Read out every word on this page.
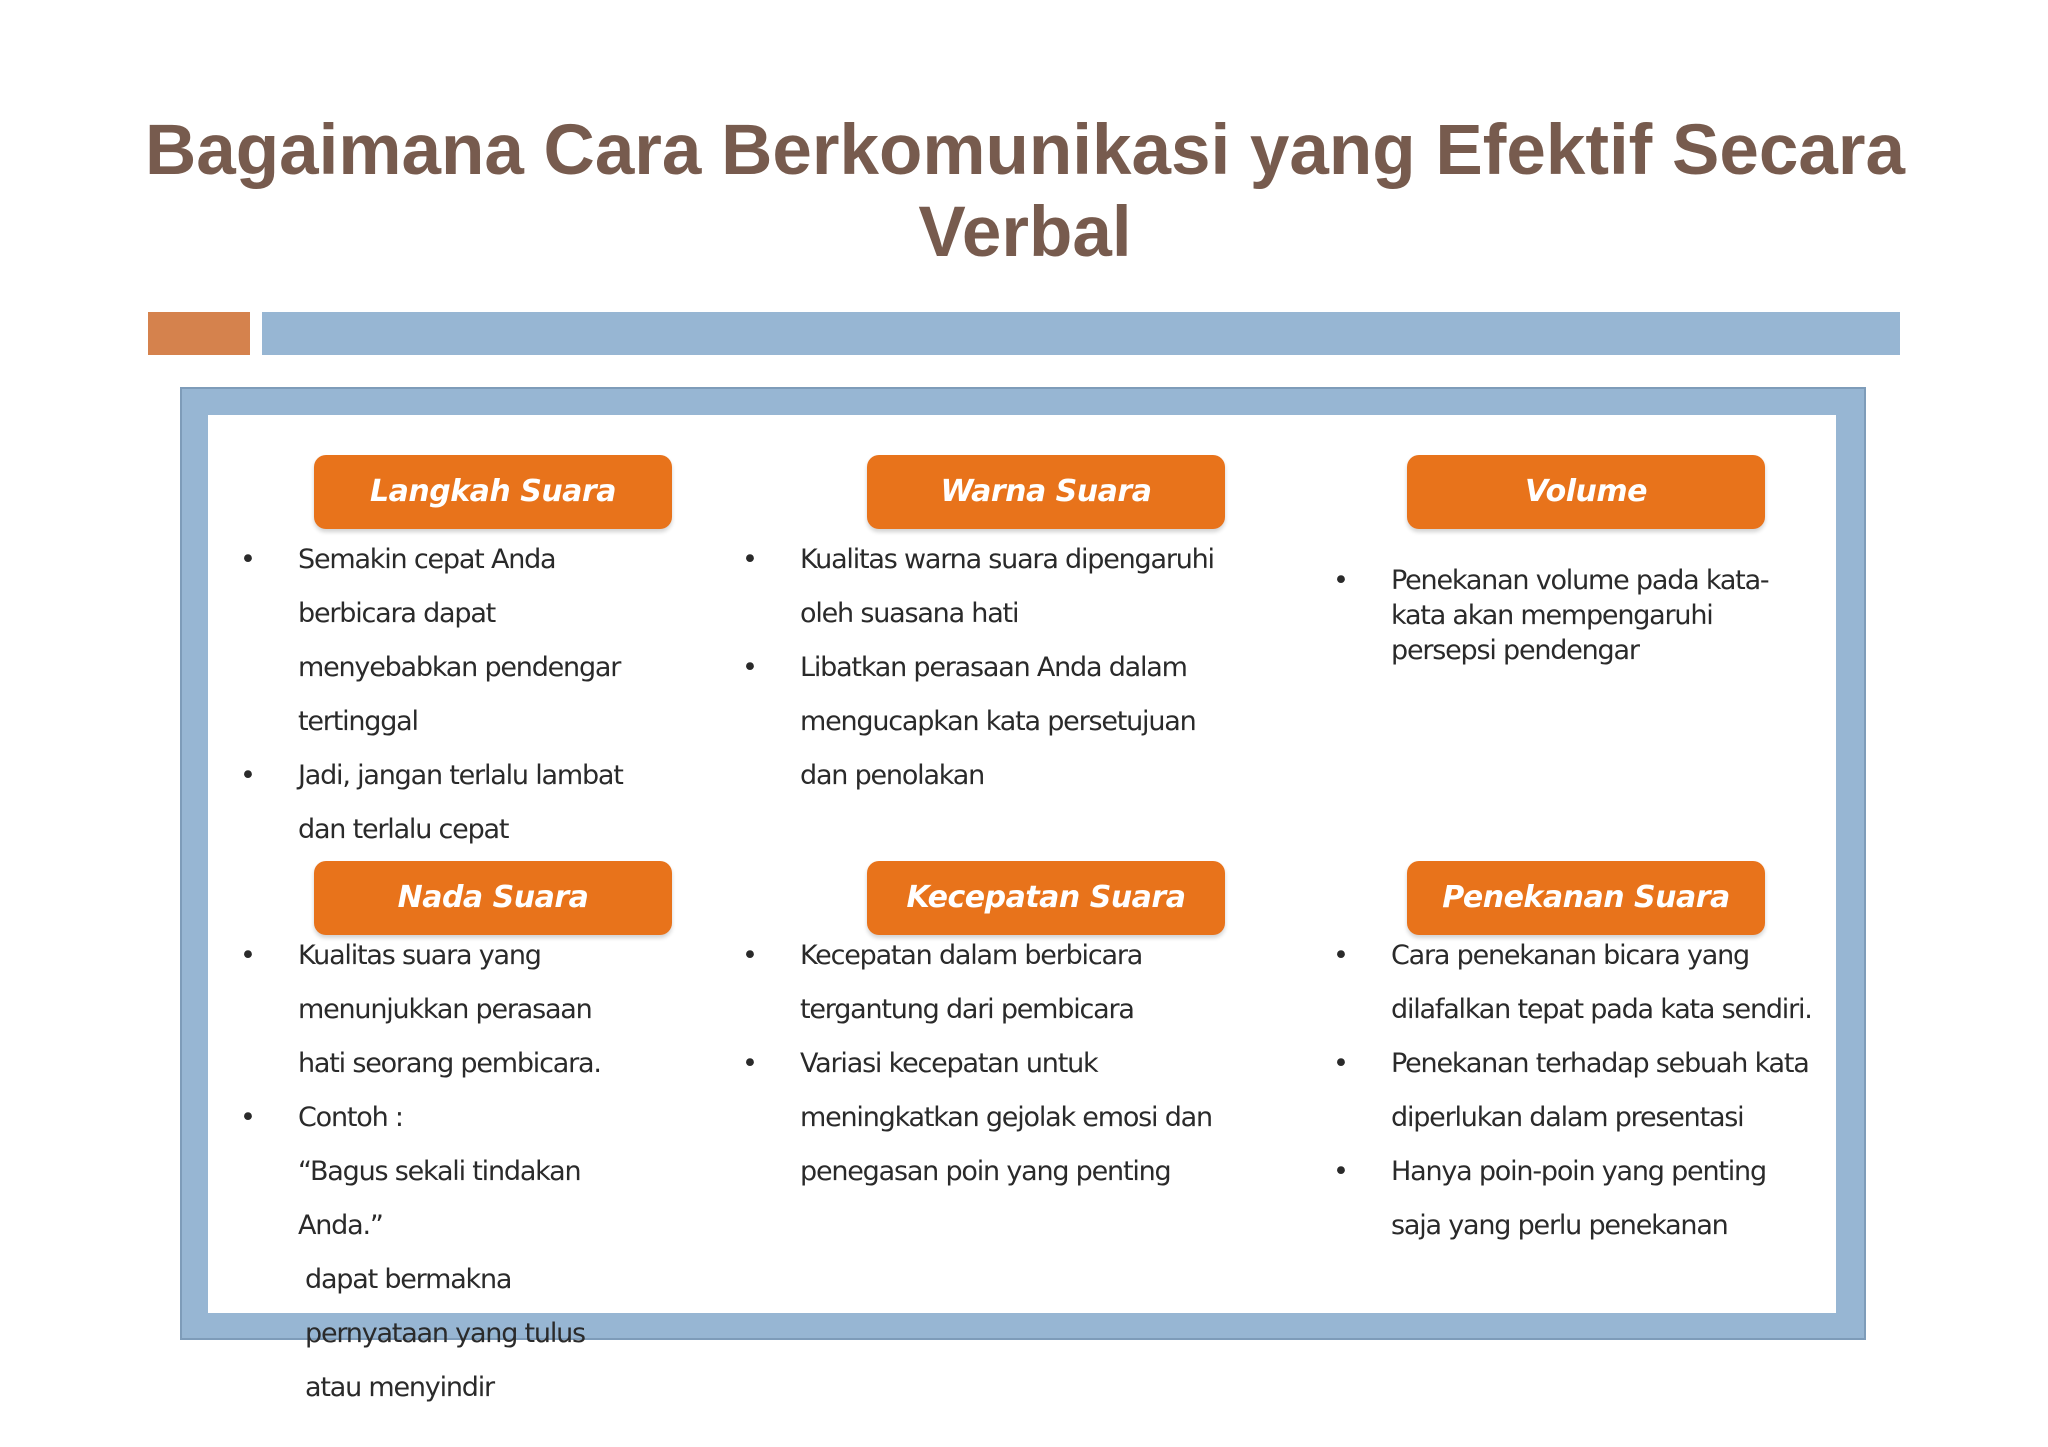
Bagaimana Cara Berkomunikasi yang Efektif Secara Verbal
Langkah Suara
• Semakin cepat Anda berbicara dapat menyebabkan pendengar tertinggal
• Jadi, jangan terlalu lambat dan terlalu cepat
Warna Suara
• Kualitas warna suara dipengaruhi oleh suasana hati
• Libatkan perasaan Anda dalam mengucapkan kata persetujuan dan penolakan
Volume
• Penekanan volume pada kata-kata akan mempengaruhi persepsi pendengar
Nada Suara
• Kualitas suara yang menunjukkan perasaan hati seorang pembicara.
• Contoh :
“Bagus sekali tindakan Anda.”
dapat bermakna pernyataan yang tulus atau menyindir
Kecepatan Suara
• Kecepatan dalam berbicara tergantung dari pembicara
• Variasi kecepatan untuk meningkatkan gejolak emosi dan penegasan poin yang penting
Penekanan Suara
• Cara penekanan bicara yang dilafalkan tepat pada kata sendiri.
• Penekanan terhadap sebuah kata diperlukan dalam presentasi
• Hanya poin-poin yang penting saja yang perlu penekanan
